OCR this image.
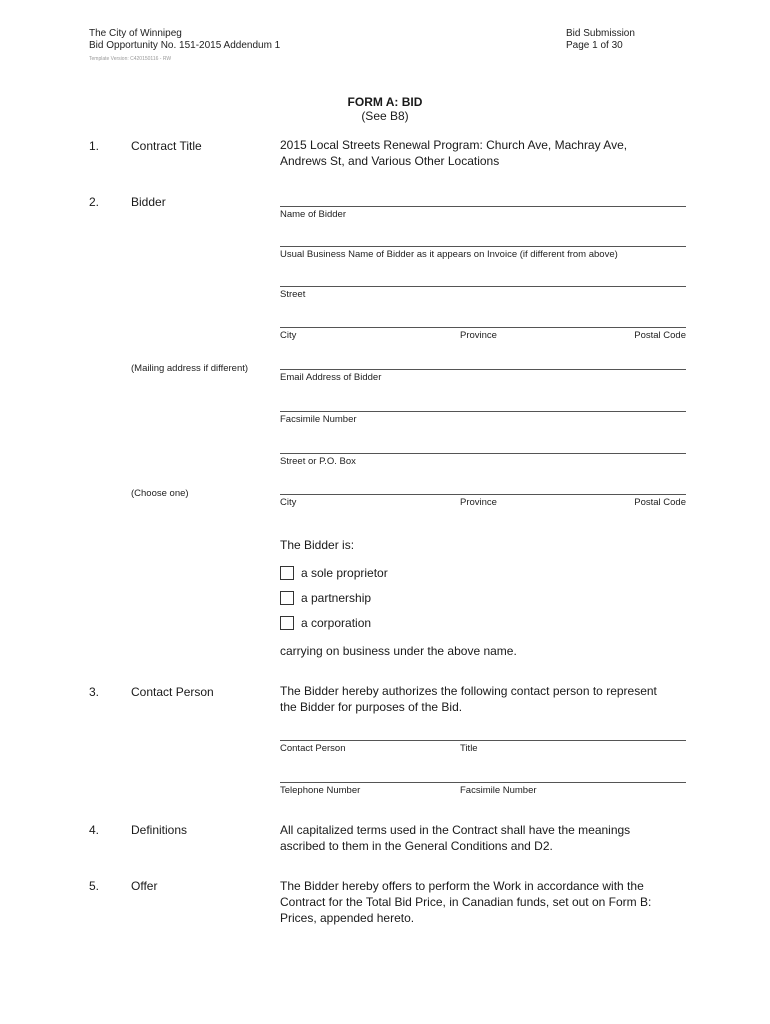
The City of Winnipeg
Bid Opportunity No. 151-2015 Addendum 1
Template Version: C420150116 - RW
Bid Submission
Page 1 of 30
FORM A: BID
(See B8)
1.	Contract Title	2015 Local Streets Renewal Program: Church Ave, Machray Ave,
Andrews St, and Various Other Locations
2.	Bidder
Name of Bidder
Usual Business Name of Bidder as it appears on Invoice (if different from above)
Street
City	Province	Postal Code
(Mailing address if different)
Email Address of Bidder
Facsimile Number
Street or P.O. Box
(Choose one)
City	Province	Postal Code
The Bidder is:
a sole proprietor
a partnership
a corporation
carrying on business under the above name.
3.	Contact Person	The Bidder hereby authorizes the following contact person to represent
the Bidder for purposes of the Bid.
Contact Person	Title
Telephone Number	Facsimile Number
4.	Definitions	All capitalized terms used in the Contract shall have the meanings
ascribed to them in the General Conditions and D2.
5.	Offer	The Bidder hereby offers to perform the Work in accordance with the
Contract for the Total Bid Price, in Canadian funds, set out on Form B:
Prices, appended hereto.
